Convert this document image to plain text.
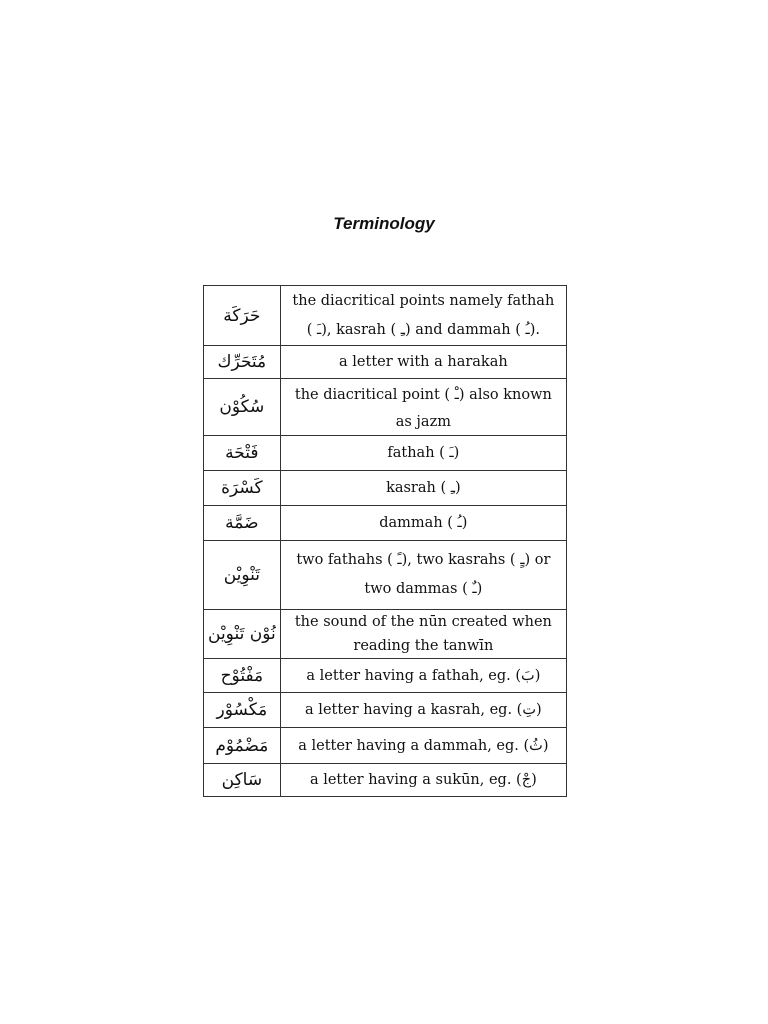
Terminology
حَرَكَة	the diacritical points namely fathah
( ـَ), kasrah ( ـِ) and dammah ( ـُ).

مُتَحَرِّك	a letter with a harakah

سُكُوْن	the diacritical point ( ـْ) also known
as jazm

فَتْحَة	fathah ( ـَ)

كَسْرَة	kasrah ( ـِ)

ضَمَّة	dammah ( ـُ)

تَنْوِيْن	two fathahs ( ـً), two kasrahs ( ـٍ) or
two dammas ( ـٌ)

نُوْن تَنْوِيْن	the sound of the nūn created when
reading the tanwīn

مَفْتُوْح	a letter having a fathah, eg. (بَ)

مَكْسُوْر	a letter having a kasrah, eg. (تِ)

مَضْمُوْم	a letter having a dammah, eg. (ثُ)

سَاكِن	a letter having a sukūn, eg. (جْ)
